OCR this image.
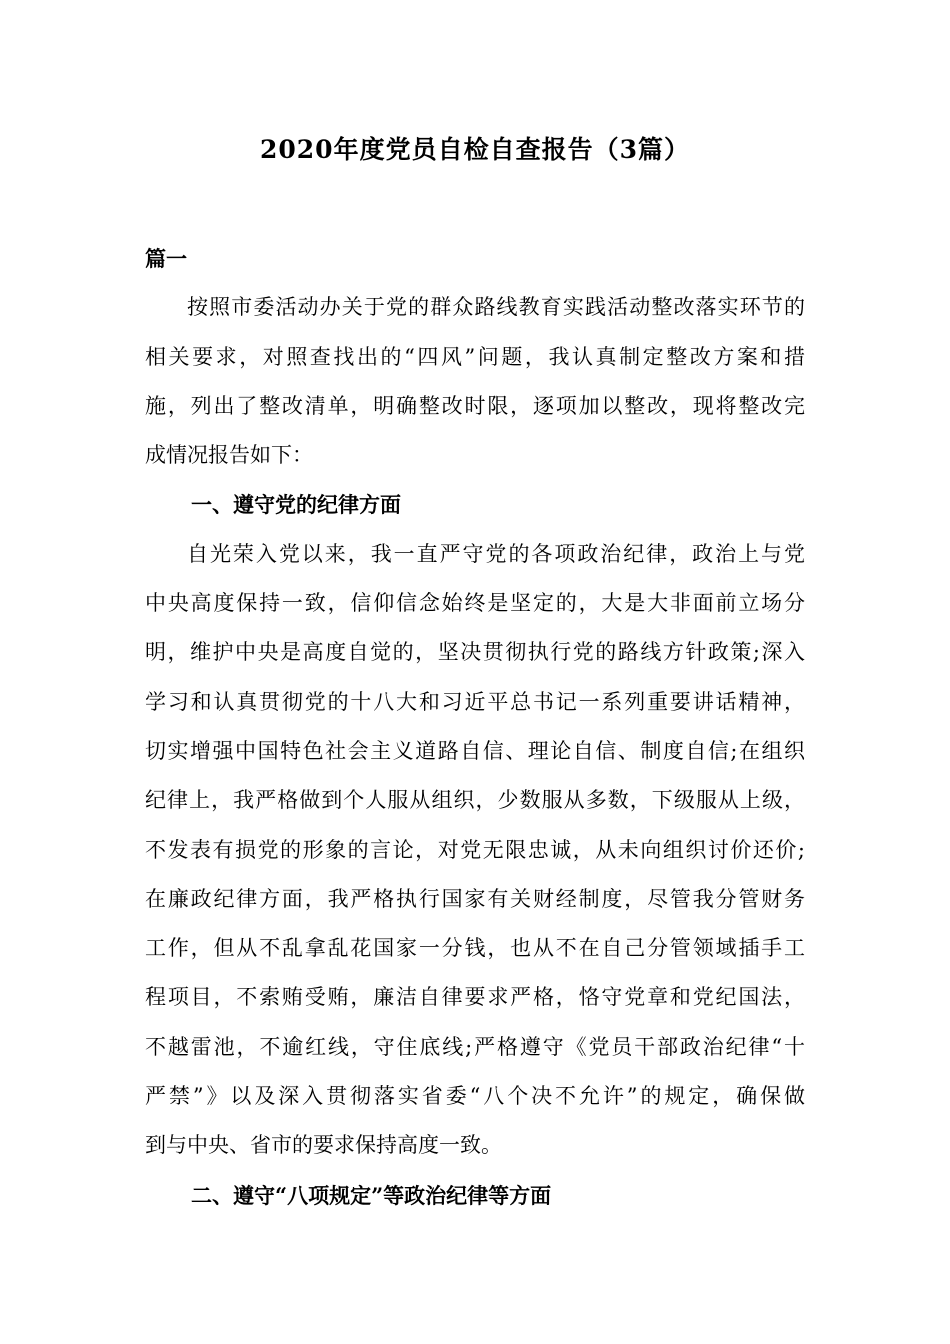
2020年度党员自检自查报告（3篇）
篇一
按照市委活动办关于党的群众路线教育实践活动整改落实环节的
相关要求，对照查找出的“四风”问题，我认真制定整改方案和措
施，列出了整改清单，明确整改时限，逐项加以整改，现将整改完
成情况报告如下：
一、遵守党的纪律方面
自光荣入党以来，我一直严守党的各项政治纪律，政治上与党
中央高度保持一致，信仰信念始终是坚定的，大是大非面前立场分
明，维护中央是高度自觉的，坚决贯彻执行党的路线方针政策;深入
学习和认真贯彻党的十八大和习近平总书记一系列重要讲话精神，
切实增强中国特色社会主义道路自信、理论自信、制度自信;在组织
纪律上，我严格做到个人服从组织，少数服从多数，下级服从上级，
不发表有损党的形象的言论，对党无限忠诚，从未向组织讨价还价;
在廉政纪律方面，我严格执行国家有关财经制度，尽管我分管财务
工作，但从不乱拿乱花国家一分钱，也从不在自己分管领域插手工
程项目，不索贿受贿，廉洁自律要求严格，恪守党章和党纪国法，
不越雷池，不逾红线，守住底线;严格遵守《党员干部政治纪律“十
严禁”》以及深入贯彻落实省委“八个决不允许”的规定，确保做
到与中央、省市的要求保持高度一致。
二、遵守“八项规定”等政治纪律等方面
